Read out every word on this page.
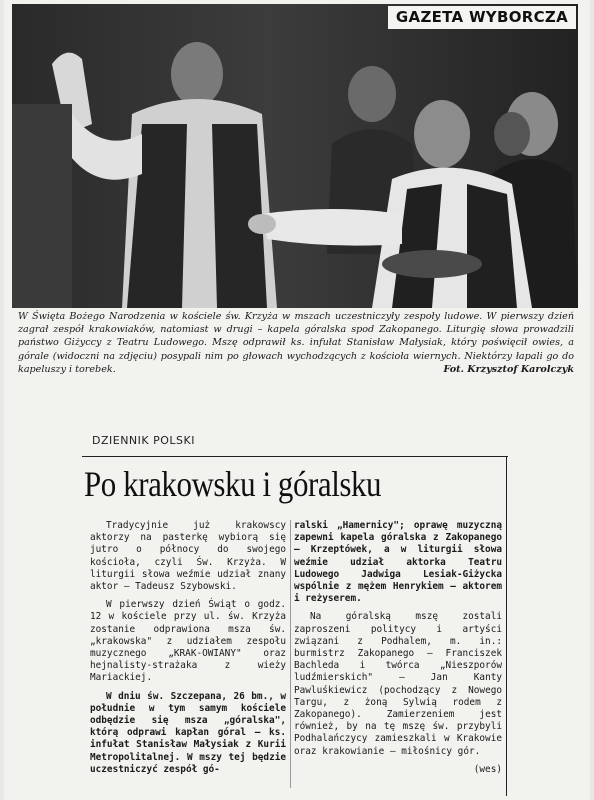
GAZETA WYBORCZA
W Święta Bożego Narodzenia w kościele św. Krzyża w mszach uczestniczyły zespoły ludowe. W pierwszy dzień zagrał zespół krakowiaków, natomiast w drugi – kapela góralska spod Zakopanego. Liturgię słowa prowadzili państwo Giżyccy z Teatru Ludowego. Mszę odprawił ks. infułat Stanisław Małysiak, który poświęcił owies, a górale (widoczni na zdjęciu) posypali nim po głowach wychodzących z kościoła wiernych. Niektórzy łapali go do kapeluszy i torebek.	Fot. Krzysztof Karolczyk
DZIENNIK POLSKI
Po krakowsku i góralsku

Tradycyjnie już krakowscy aktorzy na pasterkę wybiorą się jutro o północy do swojego kościoła, czyli Św. Krzyża. W liturgii słowa weźmie udział znany aktor — Tadeusz Szybowski.

W pierwszy dzień Świąt o godz. 12 w kościele przy ul. św. Krzyża zostanie odprawiona msza św. „krakowska" z udziałem zespołu muzycznego „KRAK-OWIANY" oraz hejnalisty-strażaka z wieży Mariackiej.

W dniu św. Szczepana, 26 bm., w południe w tym samym kościele odbędzie się msza „góralska", którą odprawi kapłan góral — ks. infułat Stanisław Małysiak z Kurii Metropolitalnej. W mszy tej będzie uczestniczyć zespół gó-

ralski „Hamernicy"; oprawę muzyczną zapewni kapela góralska z Zakopanego — Krzeptówek, a w liturgii słowa weźmie udział aktorka Teatru Ludowego Jadwiga Lesiak-Giżycka wspólnie z mężem Henrykiem — aktorem i reżyserem.

Na góralską mszę zostali zaproszeni politycy i artyści związani z Podhalem, m. in.: burmistrz Zakopanego — Franciszek Bachleda i twórca „Nieszporów ludźmierskich" — Jan Kanty Pawluśkiewicz (pochodzący z Nowego Targu, z żoną Sylwią rodem z Zakopanego). Zamierzeniem jest również, by na tę mszę św. przybyli Podhalańczycy zamieszkali w Krakowie oraz krakowianie — miłośnicy gór.

(wes)
